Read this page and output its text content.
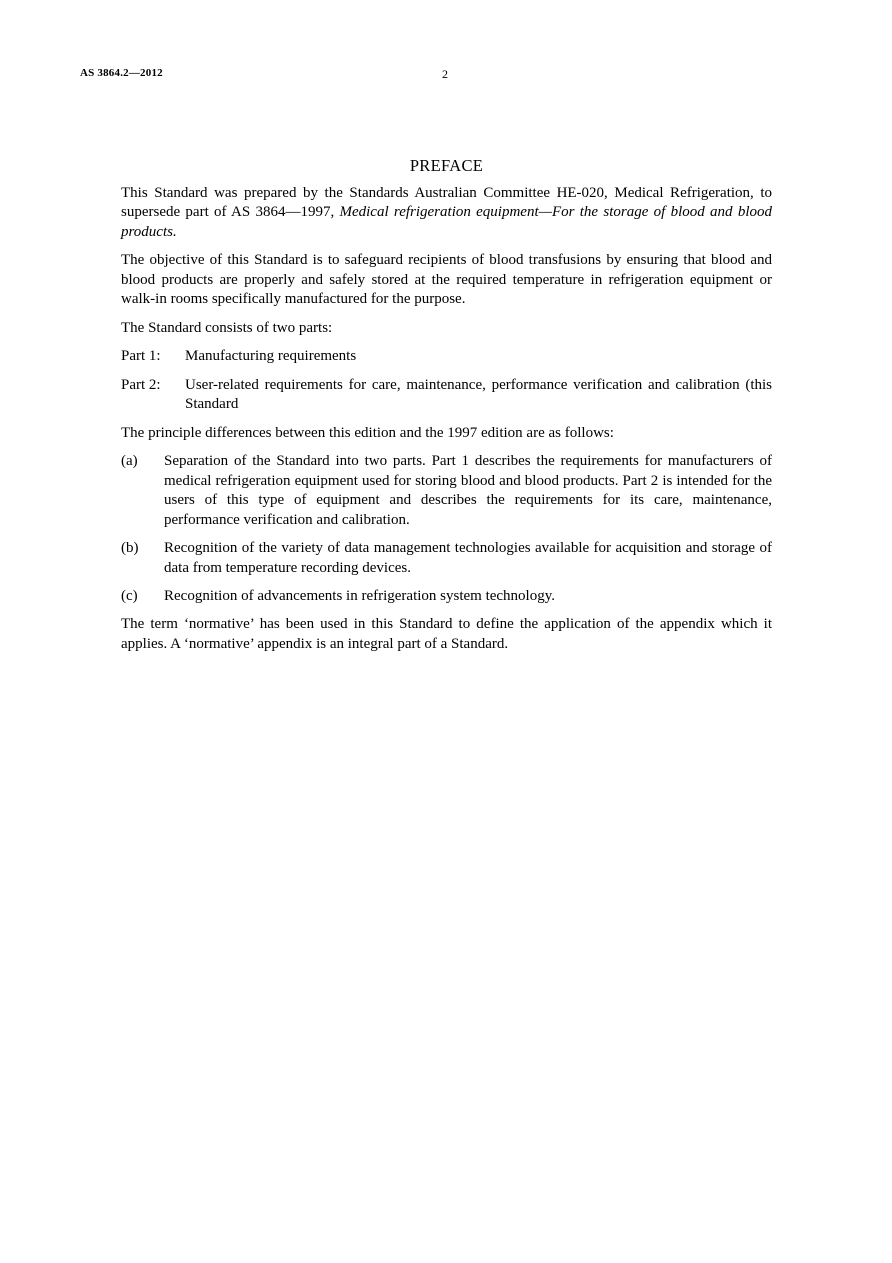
AS 3864.2—2012	2
PREFACE

This Standard was prepared by the Standards Australian Committee HE-020, Medical Refrigeration, to supersede part of AS 3864—1997, Medical refrigeration equipment—For the storage of blood and blood products.

The objective of this Standard is to safeguard recipients of blood transfusions by ensuring that blood and blood products are properly and safely stored at the required temperature in refrigeration equipment or walk-in rooms specifically manufactured for the purpose.

The Standard consists of two parts:

Part 1:	Manufacturing requirements
Part 2:	User-related requirements for care, maintenance, performance verification and calibration (this Standard

The principle differences between this edition and the 1997 edition are as follows:

(a)	Separation of the Standard into two parts. Part 1 describes the requirements for manufacturers of medical refrigeration equipment used for storing blood and blood products. Part 2 is intended for the users of this type of equipment and describes the requirements for its care, maintenance, performance verification and calibration.
(b)	Recognition of the variety of data management technologies available for acquisition and storage of data from temperature recording devices.
(c)	Recognition of advancements in refrigeration system technology.

The term ‘normative’ has been used in this Standard to define the application of the appendix which it applies. A ‘normative’ appendix is an integral part of a Standard.
